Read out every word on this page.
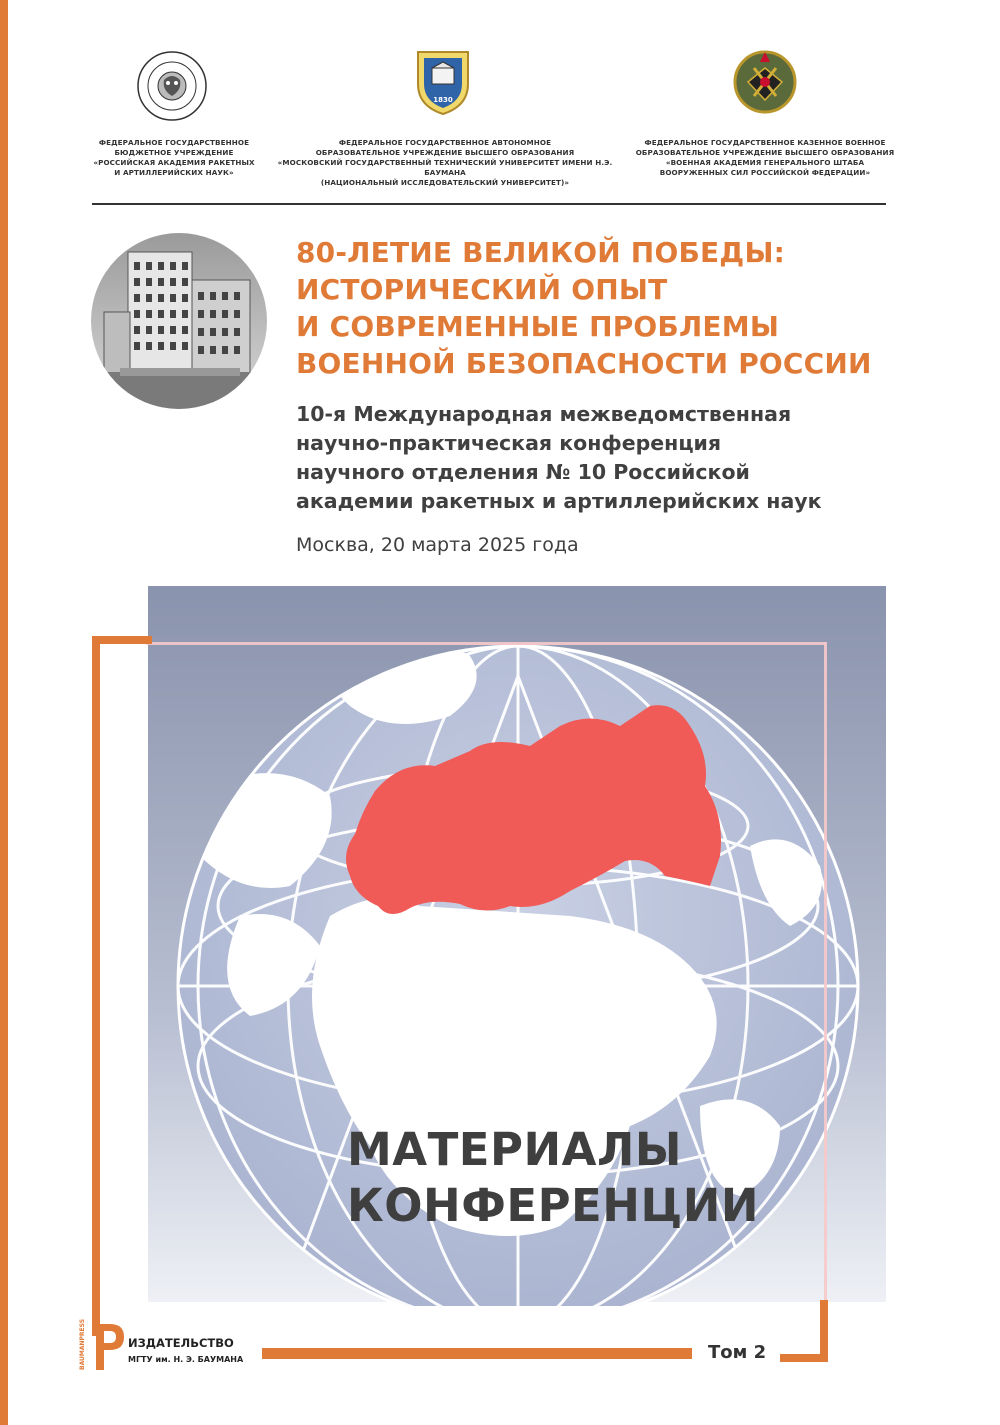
1830
ФЕДЕРАЛЬНОЕ ГОСУДАРСТВЕННОЕ
БЮДЖЕТНОЕ УЧРЕЖДЕНИЕ
«РОССИЙСКАЯ АКАДЕМИЯ РАКЕТНЫХ
И АРТИЛЛЕРИЙСКИХ НАУК»
ФЕДЕРАЛЬНОЕ ГОСУДАРСТВЕННОЕ АВТОНОМНОЕ
ОБРАЗОВАТЕЛЬНОЕ УЧРЕЖДЕНИЕ ВЫСШЕГО ОБРАЗОВАНИЯ
«МОСКОВСКИЙ ГОСУДАРСТВЕННЫЙ ТЕХНИЧЕСКИЙ УНИВЕРСИТЕТ ИМЕНИ Н.Э. БАУМАНА
(НАЦИОНАЛЬНЫЙ ИССЛЕДОВАТЕЛЬСКИЙ УНИВЕРСИТЕТ)»
ФЕДЕРАЛЬНОЕ ГОСУДАРСТВЕННОЕ КАЗЕННОЕ ВОЕННОЕ
ОБРАЗОВАТЕЛЬНОЕ УЧРЕЖДЕНИЕ ВЫСШЕГО ОБРАЗОВАНИЯ
«ВОЕННАЯ АКАДЕМИЯ ГЕНЕРАЛЬНОГО ШТАБА
ВООРУЖЕННЫХ СИЛ РОССИЙСКОЙ ФЕДЕРАЦИИ»
80-ЛЕТИЕ ВЕЛИКОЙ ПОБЕДЫ:
ИСТОРИЧЕСКИЙ ОПЫТ
И СОВРЕМЕННЫЕ ПРОБЛЕМЫ
ВОЕННОЙ БЕЗОПАСНОСТИ РОССИИ
10-я Международная межведомственная
научно-практическая конференция
научного отделения № 10 Российской
академии ракетных и артиллерийских наук
Москва, 20 марта 2025 года
МАТЕРИАЛЫ
КОНФЕРЕНЦИИ
Том 2
BAUMANPRESS	ИЗДАТЕЛЬСТВО
МГТУ им. Н. Э. БАУМАНА
